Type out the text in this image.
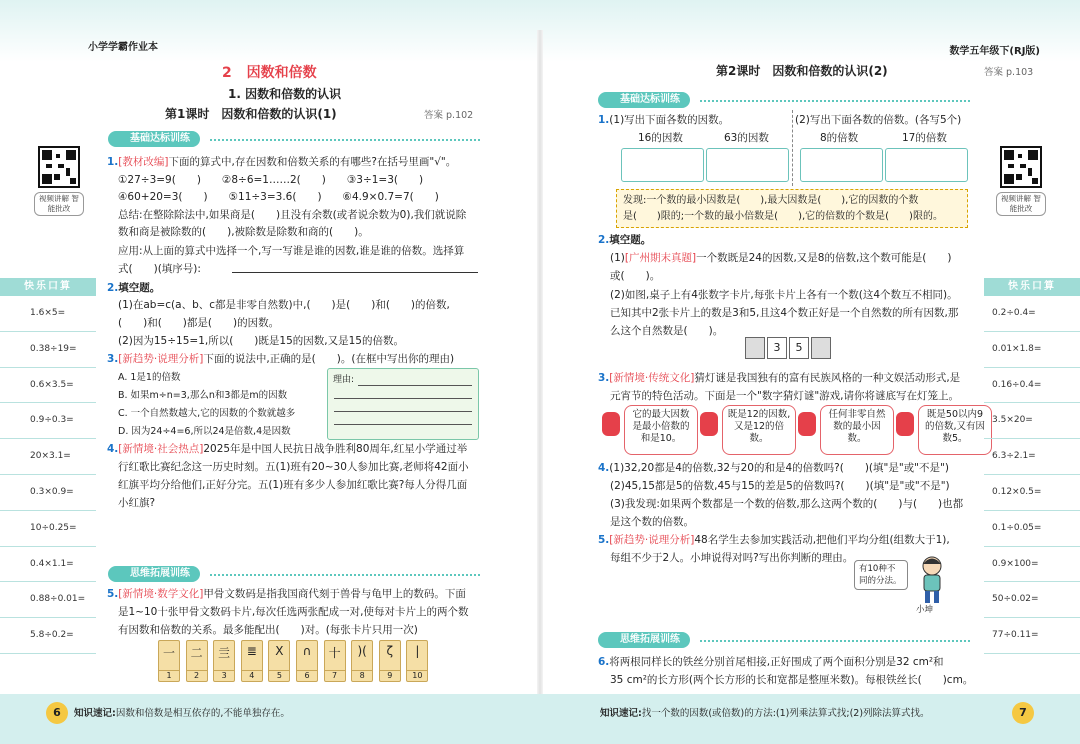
小学学霸作业本	数学五年级下(RJ版)
2 因数和倍数
1. 因数和倍数的认识
第1课时　因数和倍数的认识(1)	答案 p.102
基础达标训练
视频讲解 智能批改
1.[教材改编]下面的算式中,存在因数和倍数关系的有哪些?在括号里画"√"。
①27÷3=9(　　)　　②8÷6=1……2(　　)　　③3÷1=3(　　)
④60+20=3(　　)　　⑤11÷3=3.6̇(　　)　　⑥4.9×0.7=7(　　)
总结:在整除除法中,如果商是(　　)且没有余数(或者说余数为0),我们就说除
数和商是被除数的(　　),被除数是除数和商的(　　)。
应用:从上面的算式中选择一个,写一写谁是谁的因数,谁是谁的倍数。选择算
式(　　)(填序号):
2.填空题。
(1)在ab=c(a、b、c都是非零自然数)中,(　　)是(　　)和(　　)的倍数,
(　　)和(　　)都是(　　)的因数。
(2)因为15÷15=1,所以(　　)既是15的因数,又是15的倍数。
3.[新趋势·说理分析]下面的说法中,正确的是(　　)。(在框中写出你的理由)
A. 1是1的倍数
B. 如果m÷n=3,那么n和3都是m的因数
C. 一个自然数越大,它的因数的个数就越多
D. 因为24÷4=6,所以24是倍数,4是因数
理由:
4.[新情境·社会热点]2025年是中国人民抗日战争胜利80周年,红星小学通过举
行红歌比赛纪念这一历史时刻。五(1)班有20~30人参加比赛,老师将42面小
红旗平均分给他们,正好分完。五(1)班有多少人参加红歌比赛?每人分得几面
小红旗?
思维拓展训练
5.[新情境·数学文化]甲骨文数码是指我国商代刻于兽骨与龟甲上的数码。下面
是1~10十张甲骨文数码卡片,每次任选两张配成一对,使每对卡片上的两个数
有因数和倍数的关系。最多能配出(　　)对。(每张卡片只用一次)
一
1
二
2
亖
3
≣
4
X
5
∩
6
十
7
)(
8
ζ
9
|
10
6	知识速记:因数和倍数是相互依存的,不能单独存在。
快乐口算
1.6×5=
0.38÷19=
0.6×3.5=
0.9÷0.3=
20×3.1=
0.3×0.9=
10÷0.25=
0.4×1.1=
0.88÷0.01=
5.8÷0.2=
第2课时　因数和倍数的认识(2)	答案 p.103
基础达标训练
视频讲解 智能批改
1.(1)写出下面各数的因数。	(2)写出下面各数的倍数。(各写5个)
16的因数	63的因数	8的倍数	17的倍数
发现:一个数的最小因数是(　　),最大因数是(　　),它的因数的个数
是(　　)限的;一个数的最小倍数是(　　),它的倍数的个数是(　　)限的。
2.填空题。
(1)[广州期末真题]一个数既是24的因数,又是8的倍数,这个数可能是(　　)
或(　　)。
(2)如图,桌子上有4张数字卡片,每张卡片上各有一个数(这4个数互不相同)。
已知其中2张卡片上的数是3和5,且这4个数正好是一个自然数的所有因数,那
么这个自然数是(　　)。
3	5
3.[新情境·传统文化]猜灯谜是我国独有的富有民族风格的一种文娱活动形式,是
元宵节的特色活动。下面是一个"数字猜灯谜"游戏,请你将谜底写在灯笼上。
它的最大因数是最小倍数的和是10。
既是12的因数,又是12的倍数。
任何非零自然数的最小因数。
既是50以内9的倍数,又有因数5。
4.(1)32,20都是4的倍数,32与20的和是4的倍数吗?(　　)(填"是"或"不是")
(2)45,15都是5的倍数,45与15的差是5的倍数吗?(　　)(填"是"或"不是")
(3)我发现:如果两个数都是一个数的倍数,那么这两个数的(　　)与(　　)也都
是这个数的倍数。
5.[新趋势·说理分析]48名学生去参加实践活动,把他们平均分组(组数大于1),
每组不少于2人。小坤说得对吗?写出你判断的理由。
有10种不同的分法。
小坤
思维拓展训练
6.将两根同样长的铁丝分别首尾相接,正好围成了两个面积分别是32 cm²和
35 cm²的长方形(两个长方形的长和宽都是整厘米数)。每根铁丝长(　　)cm。
7
知识速记:找一个数的因数(或倍数)的方法:(1)列乘法算式找;(2)列除法算式找。
快乐口算
0.2÷0.4=
0.01×1.8=
0.16÷0.4=
3.5×20=
6.3÷2.1=
0.12×0.5=
0.1÷0.05=
0.9×100=
50÷0.02=
77÷0.11=
